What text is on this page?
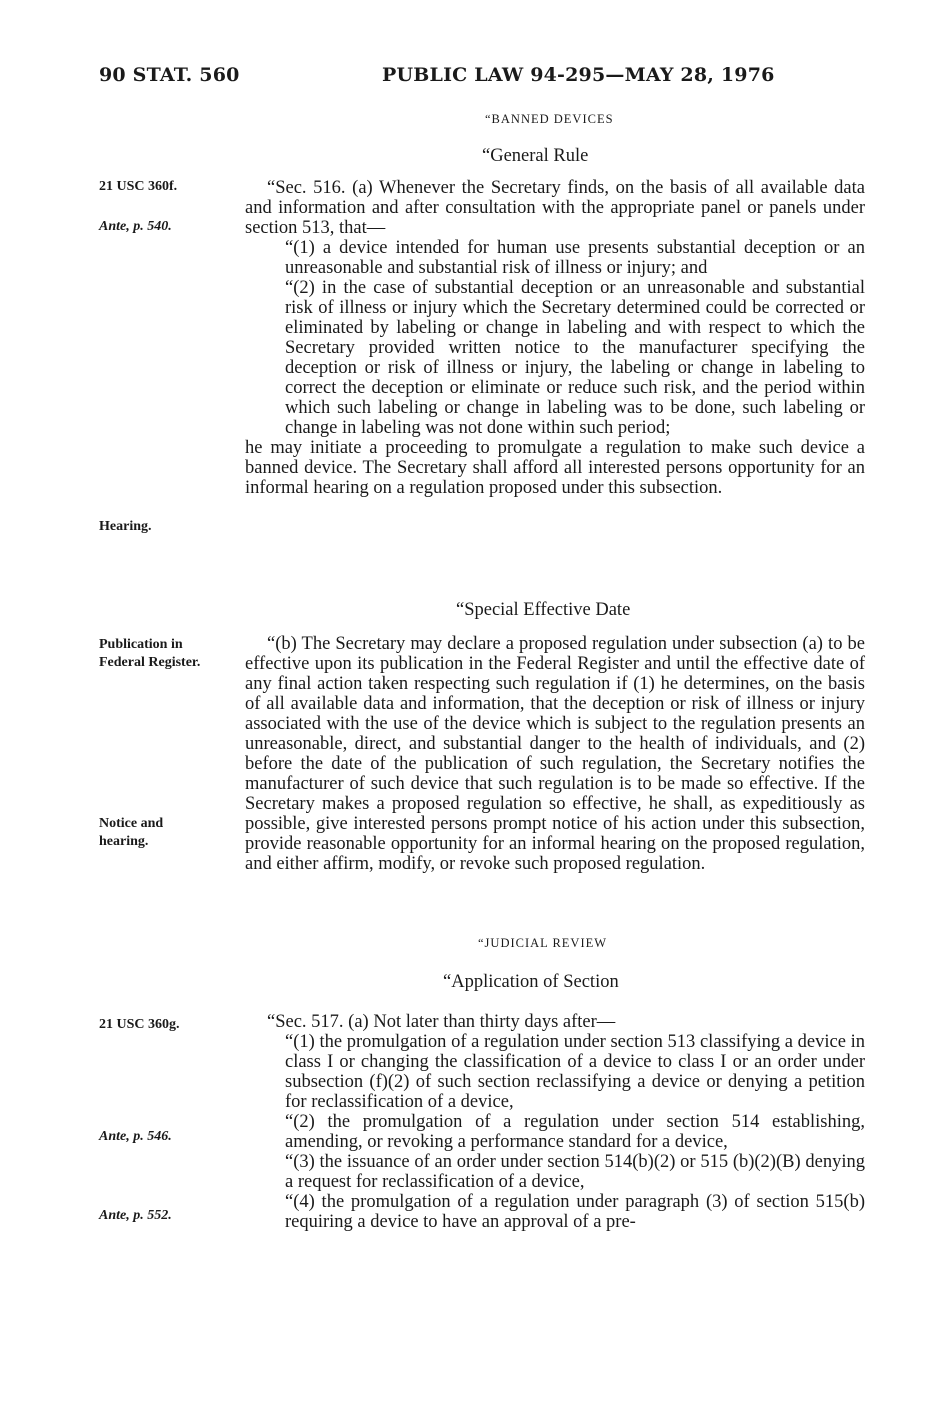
90 STAT. 560	PUBLIC LAW 94-295—MAY 28, 1976
21 USC 360f.
Ante, p. 540.
Hearing.
Publication in
Federal Register.
Notice and
hearing.
21 USC 360g.
Ante, p. 546.
Ante, p. 552.
“BANNED DEVICES
“General Rule

“Sec. 516. (a) Whenever the Secretary finds, on the basis of all available data and information and after consultation with the appropriate panel or panels under section 513, that—

“(1) a device intended for human use presents substantial deception or an unreasonable and substantial risk of illness or injury; and

“(2) in the case of substantial deception or an unreasonable and substantial risk of illness or injury which the Secretary determined could be corrected or eliminated by labeling or change in labeling and with respect to which the Secretary provided written notice to the manufacturer specifying the deception or risk of illness or injury, the labeling or change in labeling to correct the deception or eliminate or reduce such risk, and the period within which such labeling or change in labeling was to be done, such labeling or change in labeling was not done within such period;

he may initiate a proceeding to promulgate a regulation to make such device a banned device. The Secretary shall afford all interested persons opportunity for an informal hearing on a regulation proposed under this subsection.

“Special Effective Date

“(b) The Secretary may declare a proposed regulation under subsection (a) to be effective upon its publication in the Federal Register and until the effective date of any final action taken respecting such regulation if (1) he determines, on the basis of all available data and information, that the deception or risk of illness or injury associated with the use of the device which is subject to the regulation presents an unreasonable, direct, and substantial danger to the health of individuals, and (2) before the date of the publication of such regulation, the Secretary notifies the manufacturer of such device that such regulation is to be made so effective. If the Secretary makes a proposed regulation so effective, he shall, as expeditiously as possible, give interested persons prompt notice of his action under this subsection, provide reasonable opportunity for an informal hearing on the proposed regulation, and either affirm, modify, or revoke such proposed regulation.

“JUDICIAL REVIEW
“Application of Section

“Sec. 517. (a) Not later than thirty days after—

“(1) the promulgation of a regulation under section 513 classifying a device in class I or changing the classification of a device to class I or an order under subsection (f)(2) of such section reclassifying a device or denying a petition for reclassification of a device,

“(2) the promulgation of a regulation under section 514 establishing, amending, or revoking a performance standard for a device,

“(3) the issuance of an order under section 514(b)(2) or 515 (b)(2)(B) denying a request for reclassification of a device,

“(4) the promulgation of a regulation under paragraph (3) of section 515(b) requiring a device to have an approval of a pre-
